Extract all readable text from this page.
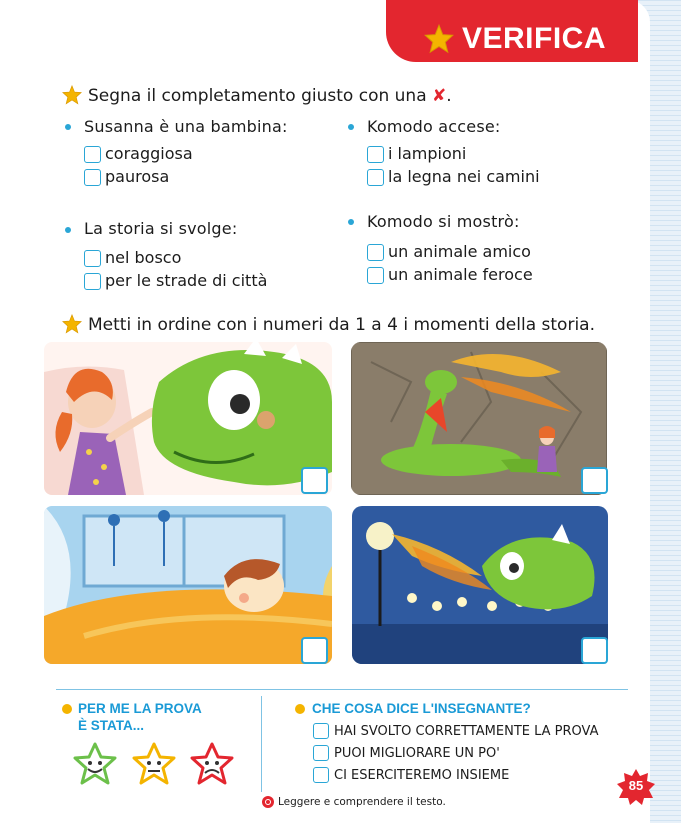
VERIFICA
Segna il completamento giusto con una ✘.
Susanna è una bambina:
coraggiosa
paurosa
Komodo accese:
i lampioni
la legna nei camini
La storia si svolge:
nel bosco
per le strade di città
Komodo si mostrò:
un animale amico
un animale feroce
Metti in ordine con i numeri da 1 a 4 i momenti della storia.
PER ME LA PROVA
È STATA...
CHE COSA DICE L'INSEGNANTE?
HAI SVOLTO CORRETTAMENTE LA PROVA
PUOI MIGLIORARE UN PO'
CI ESERCITEREMO INSIEME
Leggere e comprendere il testo.
85
